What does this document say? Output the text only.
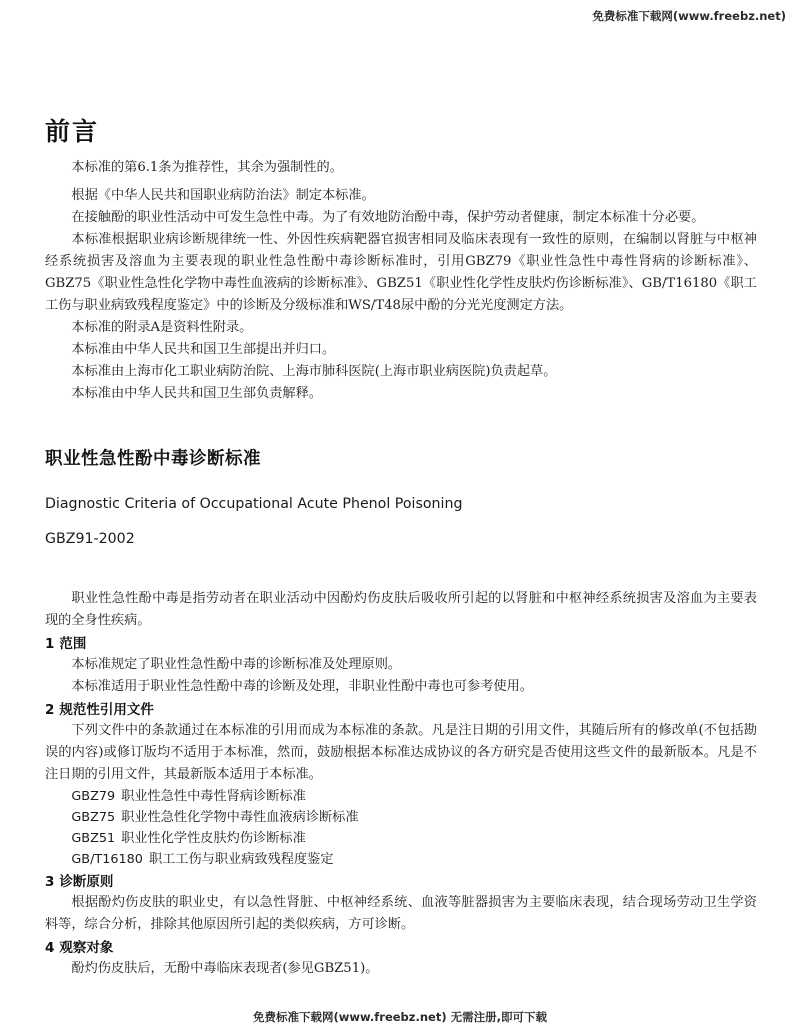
免费标准下载网(www.freebz.net)
前言

本标准的第6.1条为推荐性，其余为强制性的。

根据《中华人民共和国职业病防治法》制定本标准。

在接触酚的职业性活动中可发生急性中毒。为了有效地防治酚中毒，保护劳动者健康，制定本标准十分必要。

本标准根据职业病诊断规律统一性、外因性疾病靶器官损害相同及临床表现有一致性的原则，在编制以肾脏与中枢神经系统损害及溶血为主要表现的职业性急性酚中毒诊断标准时，引用GBZ79《职业性急性中毒性肾病的诊断标准》、GBZ75《职业性急性化学物中毒性血液病的诊断标准》、GBZ51《职业性化学性皮肤灼伤诊断标准》、GB/T16180《职工工伤与职业病致残程度鉴定》中的诊断及分级标准和WS/T48尿中酚的分光光度测定方法。

本标准的附录A是资料性附录。

本标准由中华人民共和国卫生部提出并归口。

本标准由上海市化工职业病防治院、上海市肺科医院(上海市职业病医院)负责起草。

本标准由中华人民共和国卫生部负责解释。

职业性急性酚中毒诊断标准
Diagnostic Criteria of Occupational Acute Phenol Poisoning
GBZ91-2002

职业性急性酚中毒是指劳动者在职业活动中因酚灼伤皮肤后吸收所引起的以肾脏和中枢神经系统损害及溶血为主要表现的全身性疾病。

1 范围

本标准规定了职业性急性酚中毒的诊断标准及处理原则。

本标准适用于职业性急性酚中毒的诊断及处理，非职业性酚中毒也可参考使用。

2 规范性引用文件

下列文件中的条款通过在本标准的引用而成为本标准的条款。凡是注日期的引用文件，其随后所有的修改单(不包括勘误的内容)或修订版均不适用于本标准，然而，鼓励根据本标准达成协议的各方研究是否使用这些文件的最新版本。凡是不注日期的引用文件，其最新版本适用于本标准。

GBZ79 职业性急性中毒性肾病诊断标准

GBZ75 职业性急性化学物中毒性血液病诊断标准

GBZ51 职业性化学性皮肤灼伤诊断标准

GB/T16180 职工工伤与职业病致残程度鉴定

3 诊断原则

根据酚灼伤皮肤的职业史，有以急性肾脏、中枢神经系统、血液等脏器损害为主要临床表现，结合现场劳动卫生学资料等，综合分析，排除其他原因所引起的类似疾病，方可诊断。

4 观察对象

酚灼伤皮肤后，无酚中毒临床表现者(参见GBZ51)。

免费标准下载网(www.freebz.net) 无需注册,即可下载
